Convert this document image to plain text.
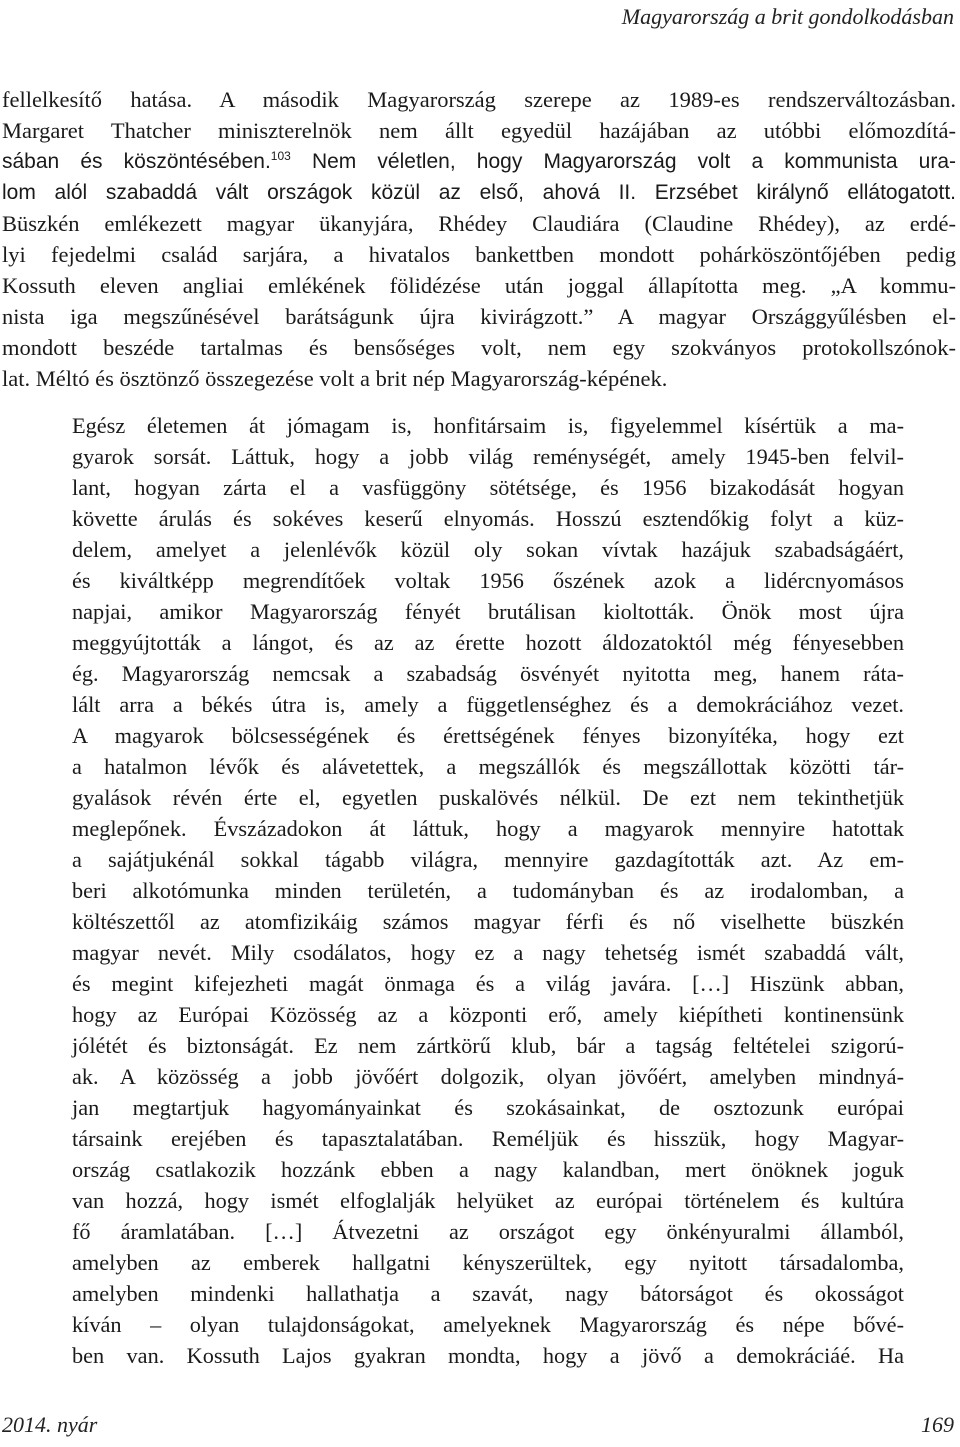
Magyarország a brit gondolkodásban
fellelkesítő hatása. A második Magyarország szerepe az 1989-es rendszerváltozásban.
Margaret Thatcher miniszterelnök nem állt egyedül hazájában az utóbbi előmozdítá-
sában és köszöntésében.$^{103}$ Nem véletlen, hogy Magyarország volt a kommunista ura-
lom alól szabaddá vált országok közül az első, ahová II. Erzsébet királynő ellátogatott.
Büszkén emlékezett magyar ükanyjára, Rhédey Claudiára (Claudine Rhédey), az erdé-
lyi fejedelmi család sarjára, a hivatalos bankettben mondott pohárköszöntőjében pedig
Kossuth eleven angliai emlékének fölidézése után joggal állapította meg. „A kommu-
nista iga megszűnésével barátságunk újra kivirágzott.” A magyar Országgyűlésben el-
mondott beszéde tartalmas és bensőséges volt, nem egy szokványos protokollszónok-
lat. Méltó és ösztönző összegezése volt a brit nép Magyarország-képének.
Egész életemen át jómagam is, honfitársaim is, figyelemmel kísértük a ma-
gyarok sorsát. Láttuk, hogy a jobb világ reménységét, amely 1945-ben felvil-
lant, hogyan zárta el a vasfüggöny sötétsége, és 1956 bizakodását hogyan
követte árulás és sokéves keserű elnyomás. Hosszú esztendőkig folyt a küz-
delem, amelyet a jelenlévők közül oly sokan vívtak hazájuk szabadságáért,
és kiváltképp megrendítőek voltak 1956 őszének azok a lidércnyomásos
napjai, amikor Magyarország fényét brutálisan kioltották. Önök most újra
meggyújtották a lángot, és az az érette hozott áldozatoktól még fényesebben
ég. Magyarország nemcsak a szabadság ösvényét nyitotta meg, hanem ráta-
lált arra a békés útra is, amely a függetlenséghez és a demokráciához vezet.
A magyarok bölcsességének és érettségének fényes bizonyítéka, hogy ezt
a hatalmon lévők és alávetettek, a megszállók és megszállottak közötti tár-
gyalások révén érte el, egyetlen puskalövés nélkül. De ezt nem tekinthetjük
meglepőnek. Évszázadokon át láttuk, hogy a magyarok mennyire hatottak
a sajátjukénál sokkal tágabb világra, mennyire gazdagították azt. Az em-
beri alkotómunka minden területén, a tudományban és az irodalomban, a
költészettől az atomfizikáig számos magyar férfi és nő viselhette büszkén
magyar nevét. Mily csodálatos, hogy ez a nagy tehetség ismét szabaddá vált,
és megint kifejezheti magát önmaga és a világ javára. […] Hiszünk abban,
hogy az Európai Közösség az a központi erő, amely kiépítheti kontinensünk
jólétét és biztonságát. Ez nem zártkörű klub, bár a tagság feltételei szigorú-
ak. A közösség a jobb jövőért dolgozik, olyan jövőért, amelyben mindnyá-
jan megtartjuk hagyományainkat és szokásainkat, de osztozunk európai
társaink erejében és tapasztalatában. Reméljük és hisszük, hogy Magyar-
ország csatlakozik hozzánk ebben a nagy kalandban, mert önöknek joguk
van hozzá, hogy ismét elfoglalják helyüket az európai történelem és kultúra
fő áramlatában. […] Átvezetni az országot egy önkényuralmi államból,
amelyben az emberek hallgatni kényszerültek, egy nyitott társadalomba,
amelyben mindenki hallathatja a szavát, nagy bátorságot és okosságot
kíván – olyan tulajdonságokat, amelyeknek Magyarország és népe bővé-
ben van. Kossuth Lajos gyakran mondta, hogy a jövő a demokráciáé. Ha
2014. nyár	169
